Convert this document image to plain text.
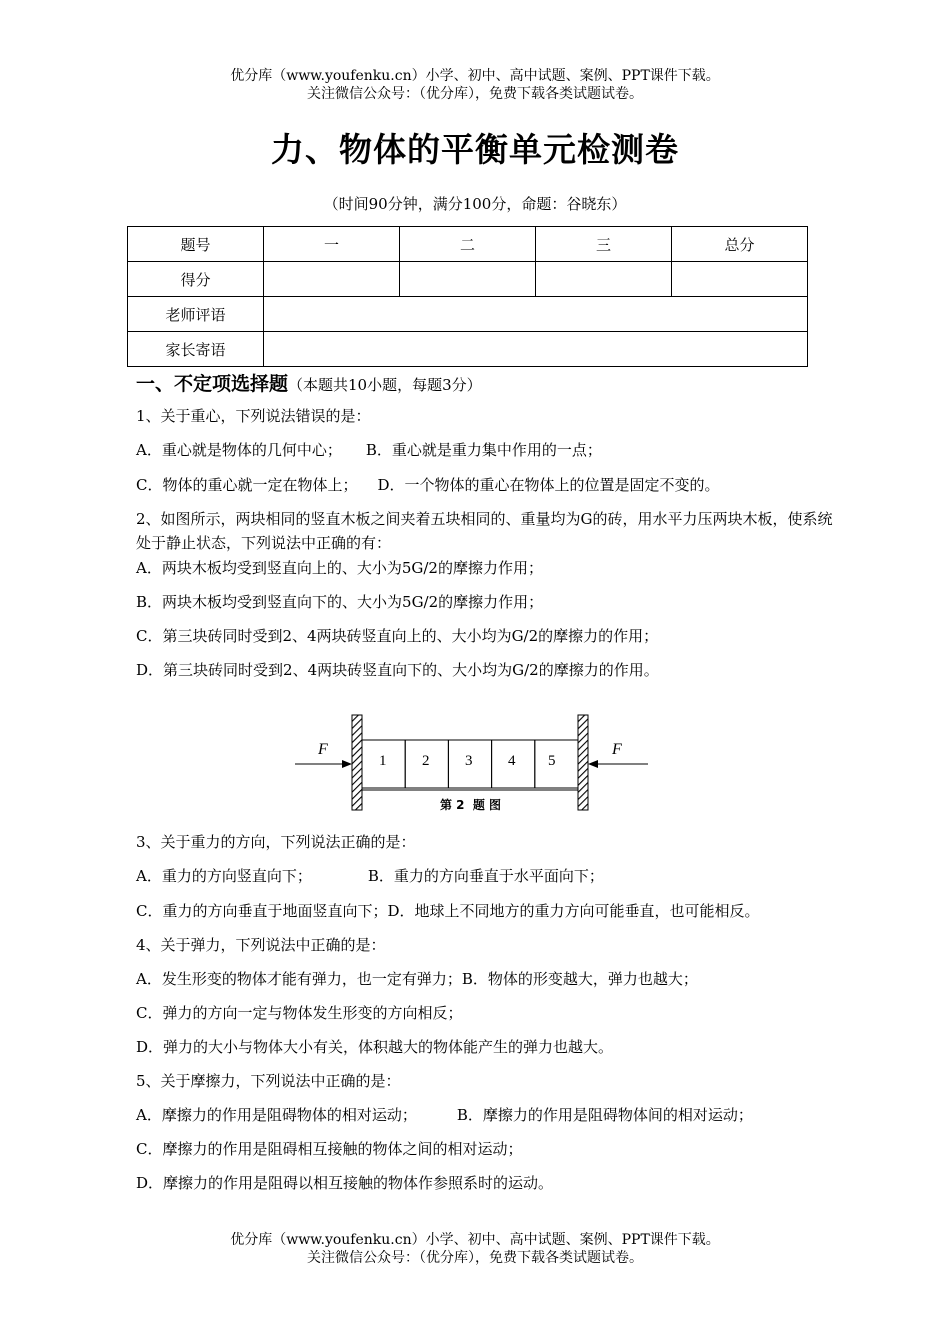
优分库（www.youfenku.cn）小学、初中、高中试题、案例、PPT课件下载。
关注微信公众号：（优分库），免费下载各类试题试卷。
力、物体的平衡单元检测卷
（时间90分钟，满分100分，命题：谷晓东）
题号	一	二	三	总分
得分				
老师评语				
家长寄语				
一、不定项选择题（本题共10小题，每题3分）
1、关于重心，下列说法错误的是：
A．重心就是物体的几何中心； B．重心就是重力集中作用的一点；
C．物体的重心就一定在物体上； D．一个物体的重心在物体上的位置是固定不变的。
2、如图所示，两块相同的竖直木板之间夹着五块相同的、重量均为G的砖，用水平力压两块木板，使系统处于静止状态，下列说法中正确的有：
A．两块木板均受到竖直向上的、大小为5G/2的摩擦力作用；
B．两块木板均受到竖直向下的、大小为5G/2的摩擦力作用；
C．第三块砖同时受到2、4两块砖竖直向上的、大小均为G/2的摩擦力的作用；
D．第三块砖同时受到2、4两块砖竖直向下的、大小均为G/2的摩擦力的作用。
1 2 3 4 5
F	F
第 2  题 图
3、关于重力的方向，下列说法正确的是：
A．重力的方向竖直向下；	B．重力的方向垂直于水平面向下；
C．重力的方向垂直于地面竖直向下；D．地球上不同地方的重力方向可能垂直，也可能相反。
4、关于弹力，下列说法中正确的是：
A．发生形变的物体才能有弹力，也一定有弹力；B．物体的形变越大，弹力也越大；
C．弹力的方向一定与物体发生形变的方向相反；
D．弹力的大小与物体大小有关，体积越大的物体能产生的弹力也越大。
5、关于摩擦力，下列说法中正确的是：
A．摩擦力的作用是阻碍物体的相对运动；	B．摩擦力的作用是阻碍物体间的相对运动；
C．摩擦力的作用是阻碍相互接触的物体之间的相对运动；
D．摩擦力的作用是阻碍以相互接触的物体作参照系时的运动。
优分库（www.youfenku.cn）小学、初中、高中试题、案例、PPT课件下载。
关注微信公众号：（优分库），免费下载各类试题试卷。
